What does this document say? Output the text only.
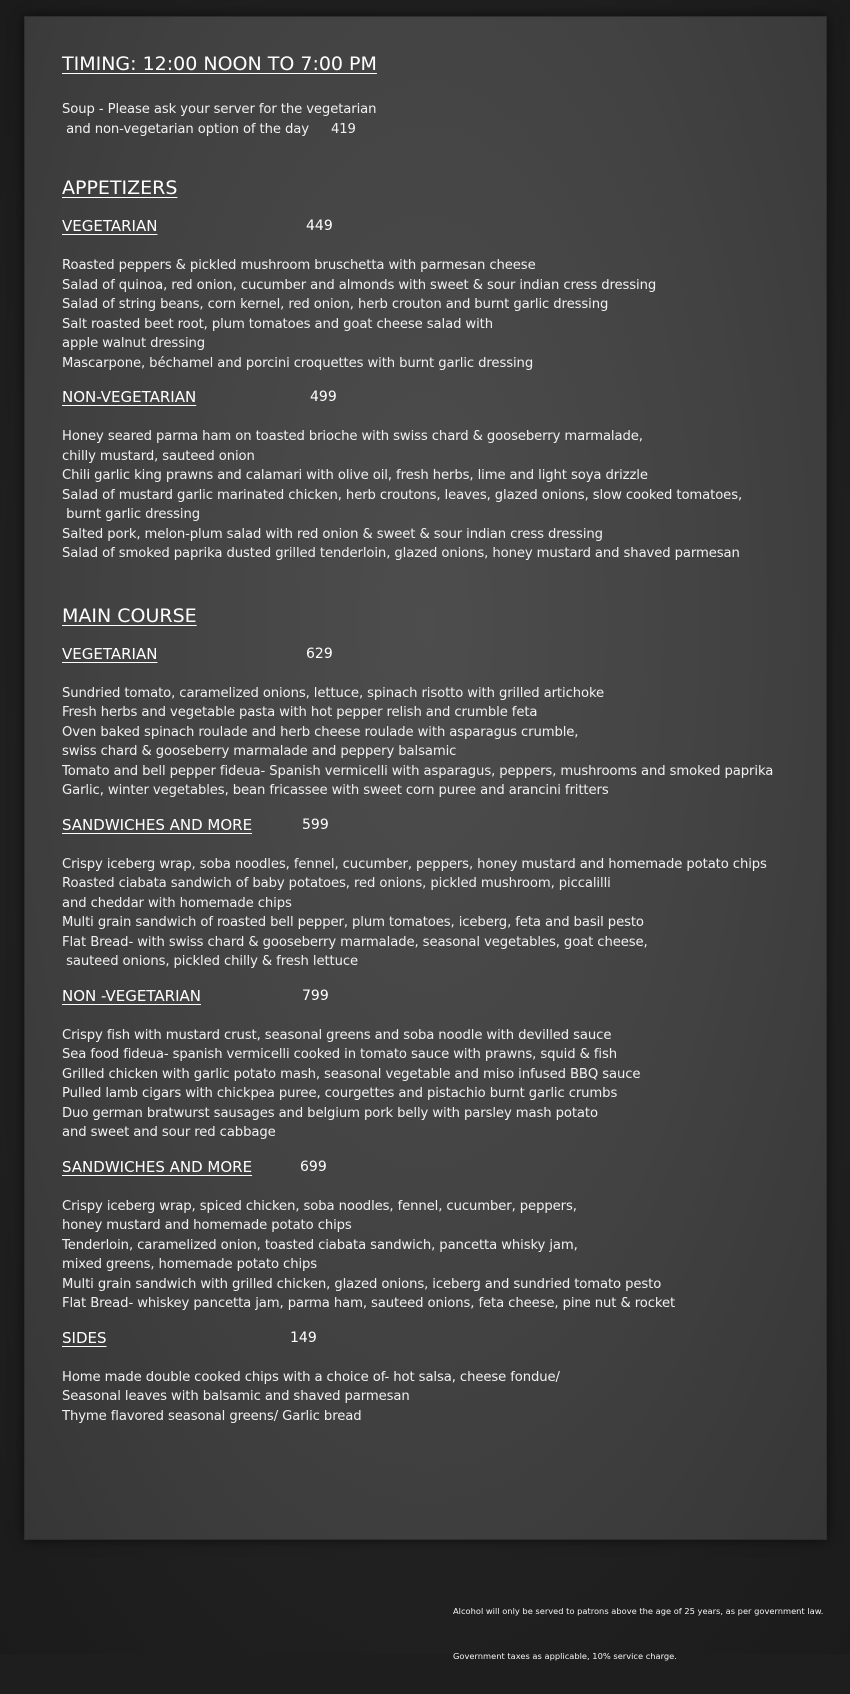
TIMING: 12:00 NOON TO 7:00 PM
Soup - Please ask your server for the vegetarian
and non-vegetarian option of the day 419
APPETIZERS
VEGETARIAN	449
Roasted peppers & pickled mushroom bruschetta with parmesan cheese
Salad of quinoa, red onion, cucumber and almonds with sweet & sour indian cress dressing
Salad of string beans, corn kernel, red onion, herb crouton and burnt garlic dressing
Salt roasted beet root, plum tomatoes and goat cheese salad with
apple walnut dressing
Mascarpone, béchamel and porcini croquettes with burnt garlic dressing
NON-VEGETARIAN	499
Honey seared parma ham on toasted brioche with swiss chard & gooseberry marmalade,
chilly mustard, sauteed onion
Chili garlic king prawns and calamari with olive oil, fresh herbs, lime and light soya drizzle
Salad of mustard garlic marinated chicken, herb croutons, leaves, glazed onions, slow cooked tomatoes,
burnt garlic dressing
Salted pork, melon-plum salad with red onion & sweet & sour indian cress dressing
Salad of smoked paprika dusted grilled tenderloin, glazed onions, honey mustard and shaved parmesan
MAIN COURSE
VEGETARIAN	629
Sundried tomato, caramelized onions, lettuce, spinach risotto with grilled artichoke
Fresh herbs and vegetable pasta with hot pepper relish and crumble feta
Oven baked spinach roulade and herb cheese roulade with asparagus crumble,
swiss chard & gooseberry marmalade and peppery balsamic
Tomato and bell pepper fideua- Spanish vermicelli with asparagus, peppers, mushrooms and smoked paprika
Garlic, winter vegetables, bean fricassee with sweet corn puree and arancini fritters
SANDWICHES AND MORE	599
Crispy iceberg wrap, soba noodles, fennel, cucumber, peppers, honey mustard and homemade potato chips
Roasted ciabata sandwich of baby potatoes, red onions, pickled mushroom, piccalilli
and cheddar with homemade chips
Multi grain sandwich of roasted bell pepper, plum tomatoes, iceberg, feta and basil pesto
Flat Bread- with swiss chard & gooseberry marmalade, seasonal vegetables, goat cheese,
sauteed onions, pickled chilly & fresh lettuce
NON -VEGETARIAN	799
Crispy fish with mustard crust, seasonal greens and soba noodle with devilled sauce
Sea food fideua- spanish vermicelli cooked in tomato sauce with prawns, squid & fish
Grilled chicken with garlic potato mash, seasonal vegetable and miso infused BBQ sauce
Pulled lamb cigars with chickpea puree, courgettes and pistachio burnt garlic crumbs
Duo german bratwurst sausages and belgium pork belly with parsley mash potato
and sweet and sour red cabbage
SANDWICHES AND MORE	699
Crispy iceberg wrap, spiced chicken, soba noodles, fennel, cucumber, peppers,
honey mustard and homemade potato chips
Tenderloin, caramelized onion, toasted ciabata sandwich, pancetta whisky jam,
mixed greens, homemade potato chips
Multi grain sandwich with grilled chicken, glazed onions, iceberg and sundried tomato pesto
Flat Bread- whiskey pancetta jam, parma ham, sauteed onions, feta cheese, pine nut & rocket
SIDES	149
Home made double cooked chips with a choice of- hot salsa, cheese fondue/
Seasonal leaves with balsamic and shaved parmesan
Thyme flavored seasonal greens/ Garlic bread

Alcohol will only be served to patrons above the age of 25 years, as per government law.

Government taxes as applicable, 10% service charge.
